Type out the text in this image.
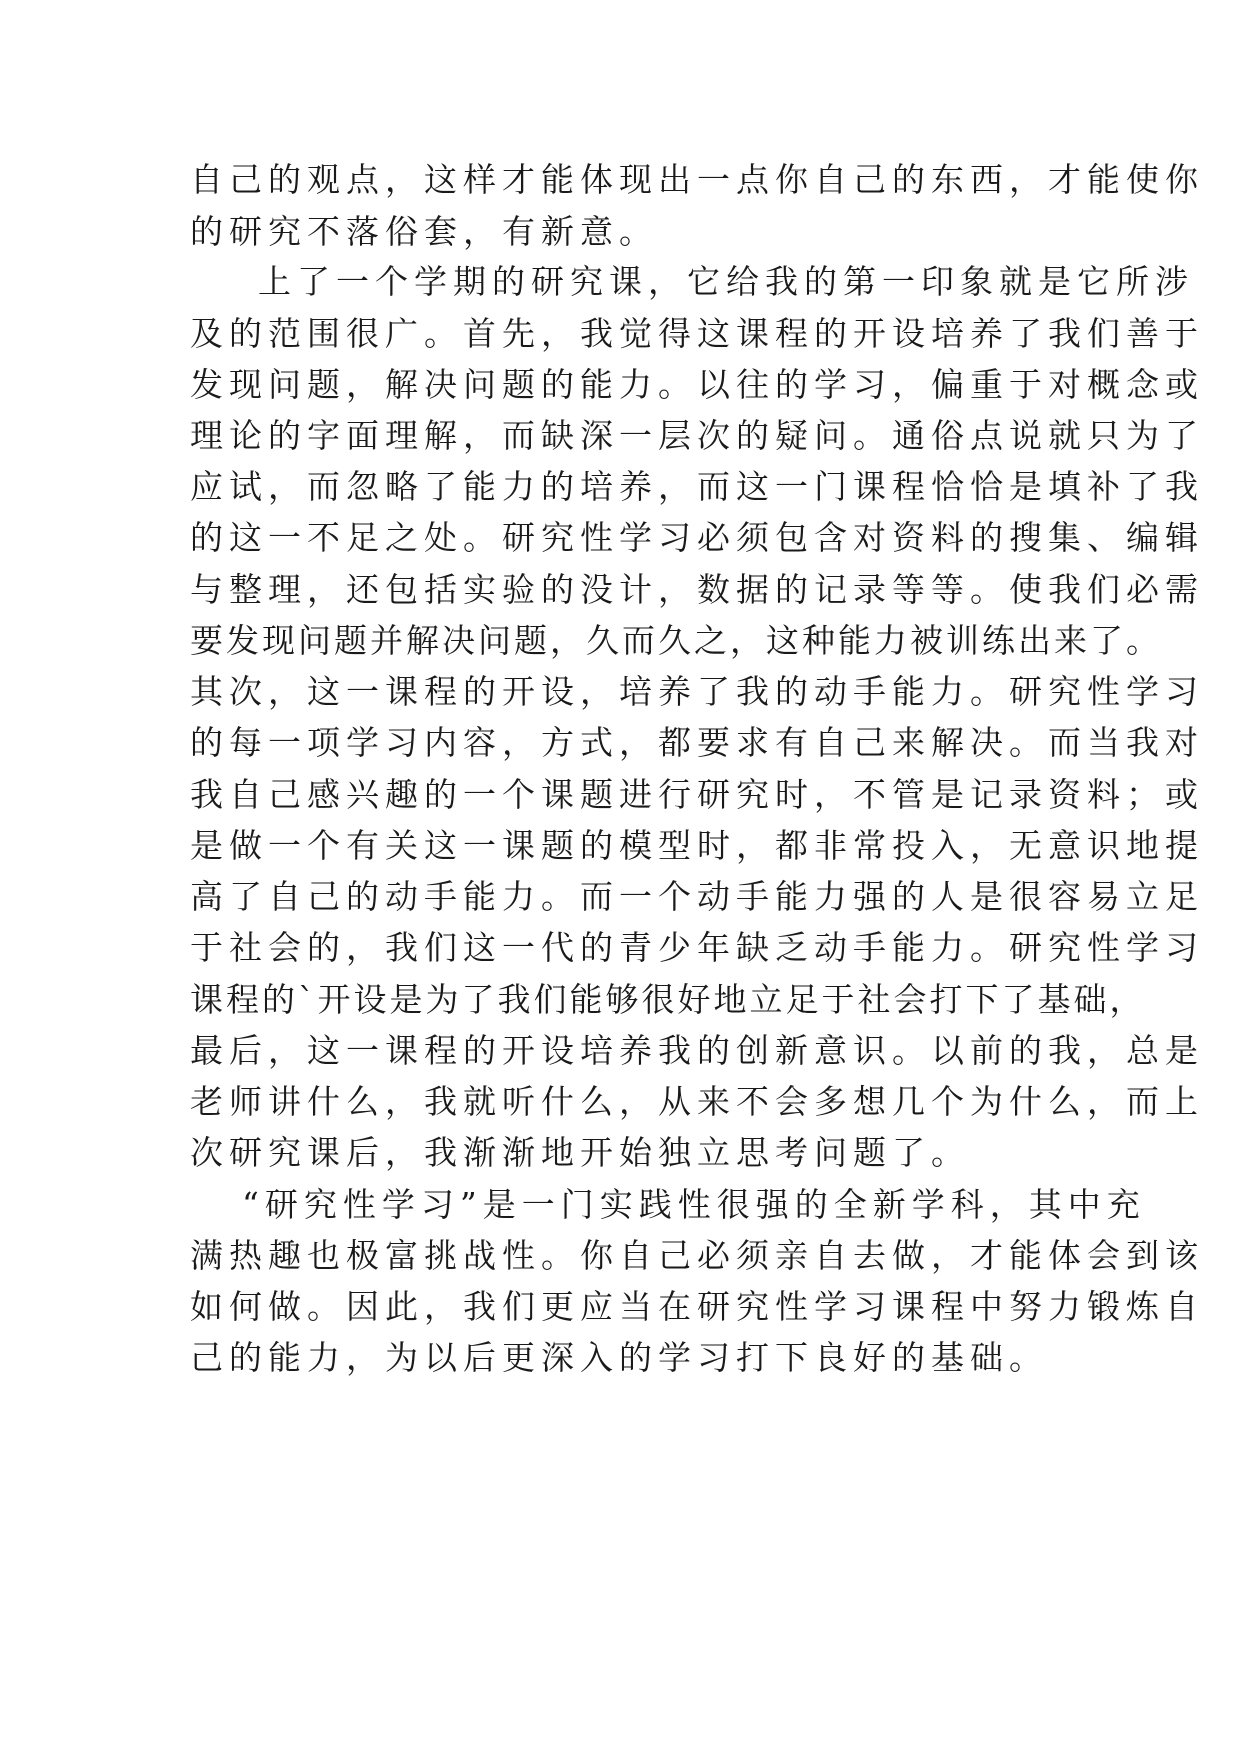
自己的观点，这样才能体现出一点你自己的东西，才能使你
的研究不落俗套，有新意。
上了一个学期的研究课，它给我的第一印象就是它所涉
及的范围很广。首先，我觉得这课程的开设培养了我们善于
发现问题，解决问题的能力。以往的学习，偏重于对概念或
理论的字面理解，而缺深一层次的疑问。通俗点说就只为了
应试，而忽略了能力的培养，而这一门课程恰恰是填补了我
的这一不足之处。研究性学习必须包含对资料的搜集、编辑
与整理，还包括实验的没计，数据的记录等等。使我们必需
要发现问题并解决问题，久而久之，这种能力被训练出来了。
其次，这一课程的开设，培养了我的动手能力。研究性学习
的每一项学习内容，方式，都要求有自己来解决。而当我对
我自己感兴趣的一个课题进行研究时，不管是记录资料；或
是做一个有关这一课题的模型时，都非常投入，无意识地提
高了自己的动手能力。而一个动手能力强的人是很容易立足
于社会的，我们这一代的青少年缺乏动手能力。研究性学习
课程的`开设是为了我们能够很好地立足于社会打下了基础，
最后，这一课程的开设培养我的创新意识。以前的我，总是
老师讲什么，我就听什么，从来不会多想几个为什么，而上
次研究课后，我渐渐地开始独立思考问题了。
“研究性学习”是一门实践性很强的全新学科，其中充
满热趣也极富挑战性。你自己必须亲自去做，才能体会到该
如何做。因此，我们更应当在研究性学习课程中努力锻炼自
己的能力，为以后更深入的学习打下良好的基础。
